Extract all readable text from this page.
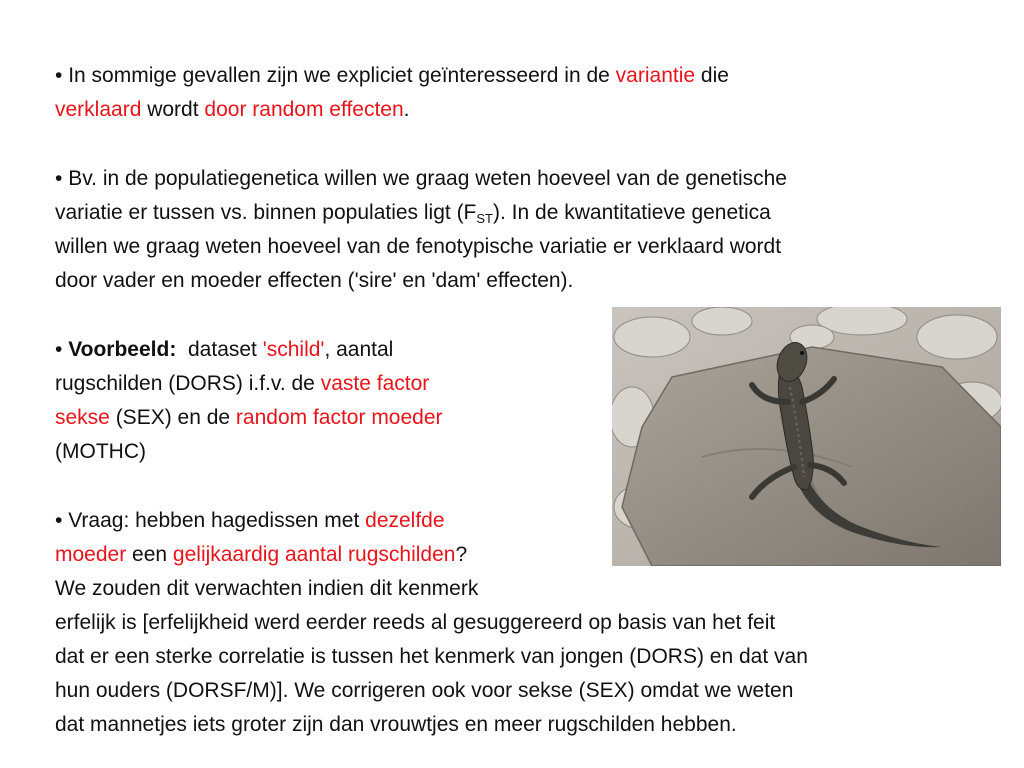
• In sommige gevallen zijn we expliciet geïnteresseerd in de variantie die
verklaard wordt door random effecten.
• Bv. in de populatiegenetica willen we graag weten hoeveel van de genetische
variatie er tussen vs. binnen populaties ligt $(F_{ST})$. In de kwantitatieve genetica
willen we graag weten hoeveel van de fenotypische variatie er verklaard wordt
door vader en moeder effecten ('sire' en 'dam' effecten).
• Voorbeeld:  dataset 'schild', aantal
rugschilden (DORS) i.f.v. de vaste factor
sekse (SEX) en de random factor moeder
(MOTHC)
• Vraag: hebben hagedissen met dezelfde
moeder een gelijkaardig aantal rugschilden?
We zouden dit verwachten indien dit kenmerk
erfelijk is [erfelijkheid werd eerder reeds al gesuggereerd op basis van het feit
dat er een sterke correlatie is tussen het kenmerk van jongen (DORS) en dat van
hun ouders (DORSF/M)]. We corrigeren ook voor sekse (SEX) omdat we weten
dat mannetjes iets groter zijn dan vrouwtjes en meer rugschilden hebben.
